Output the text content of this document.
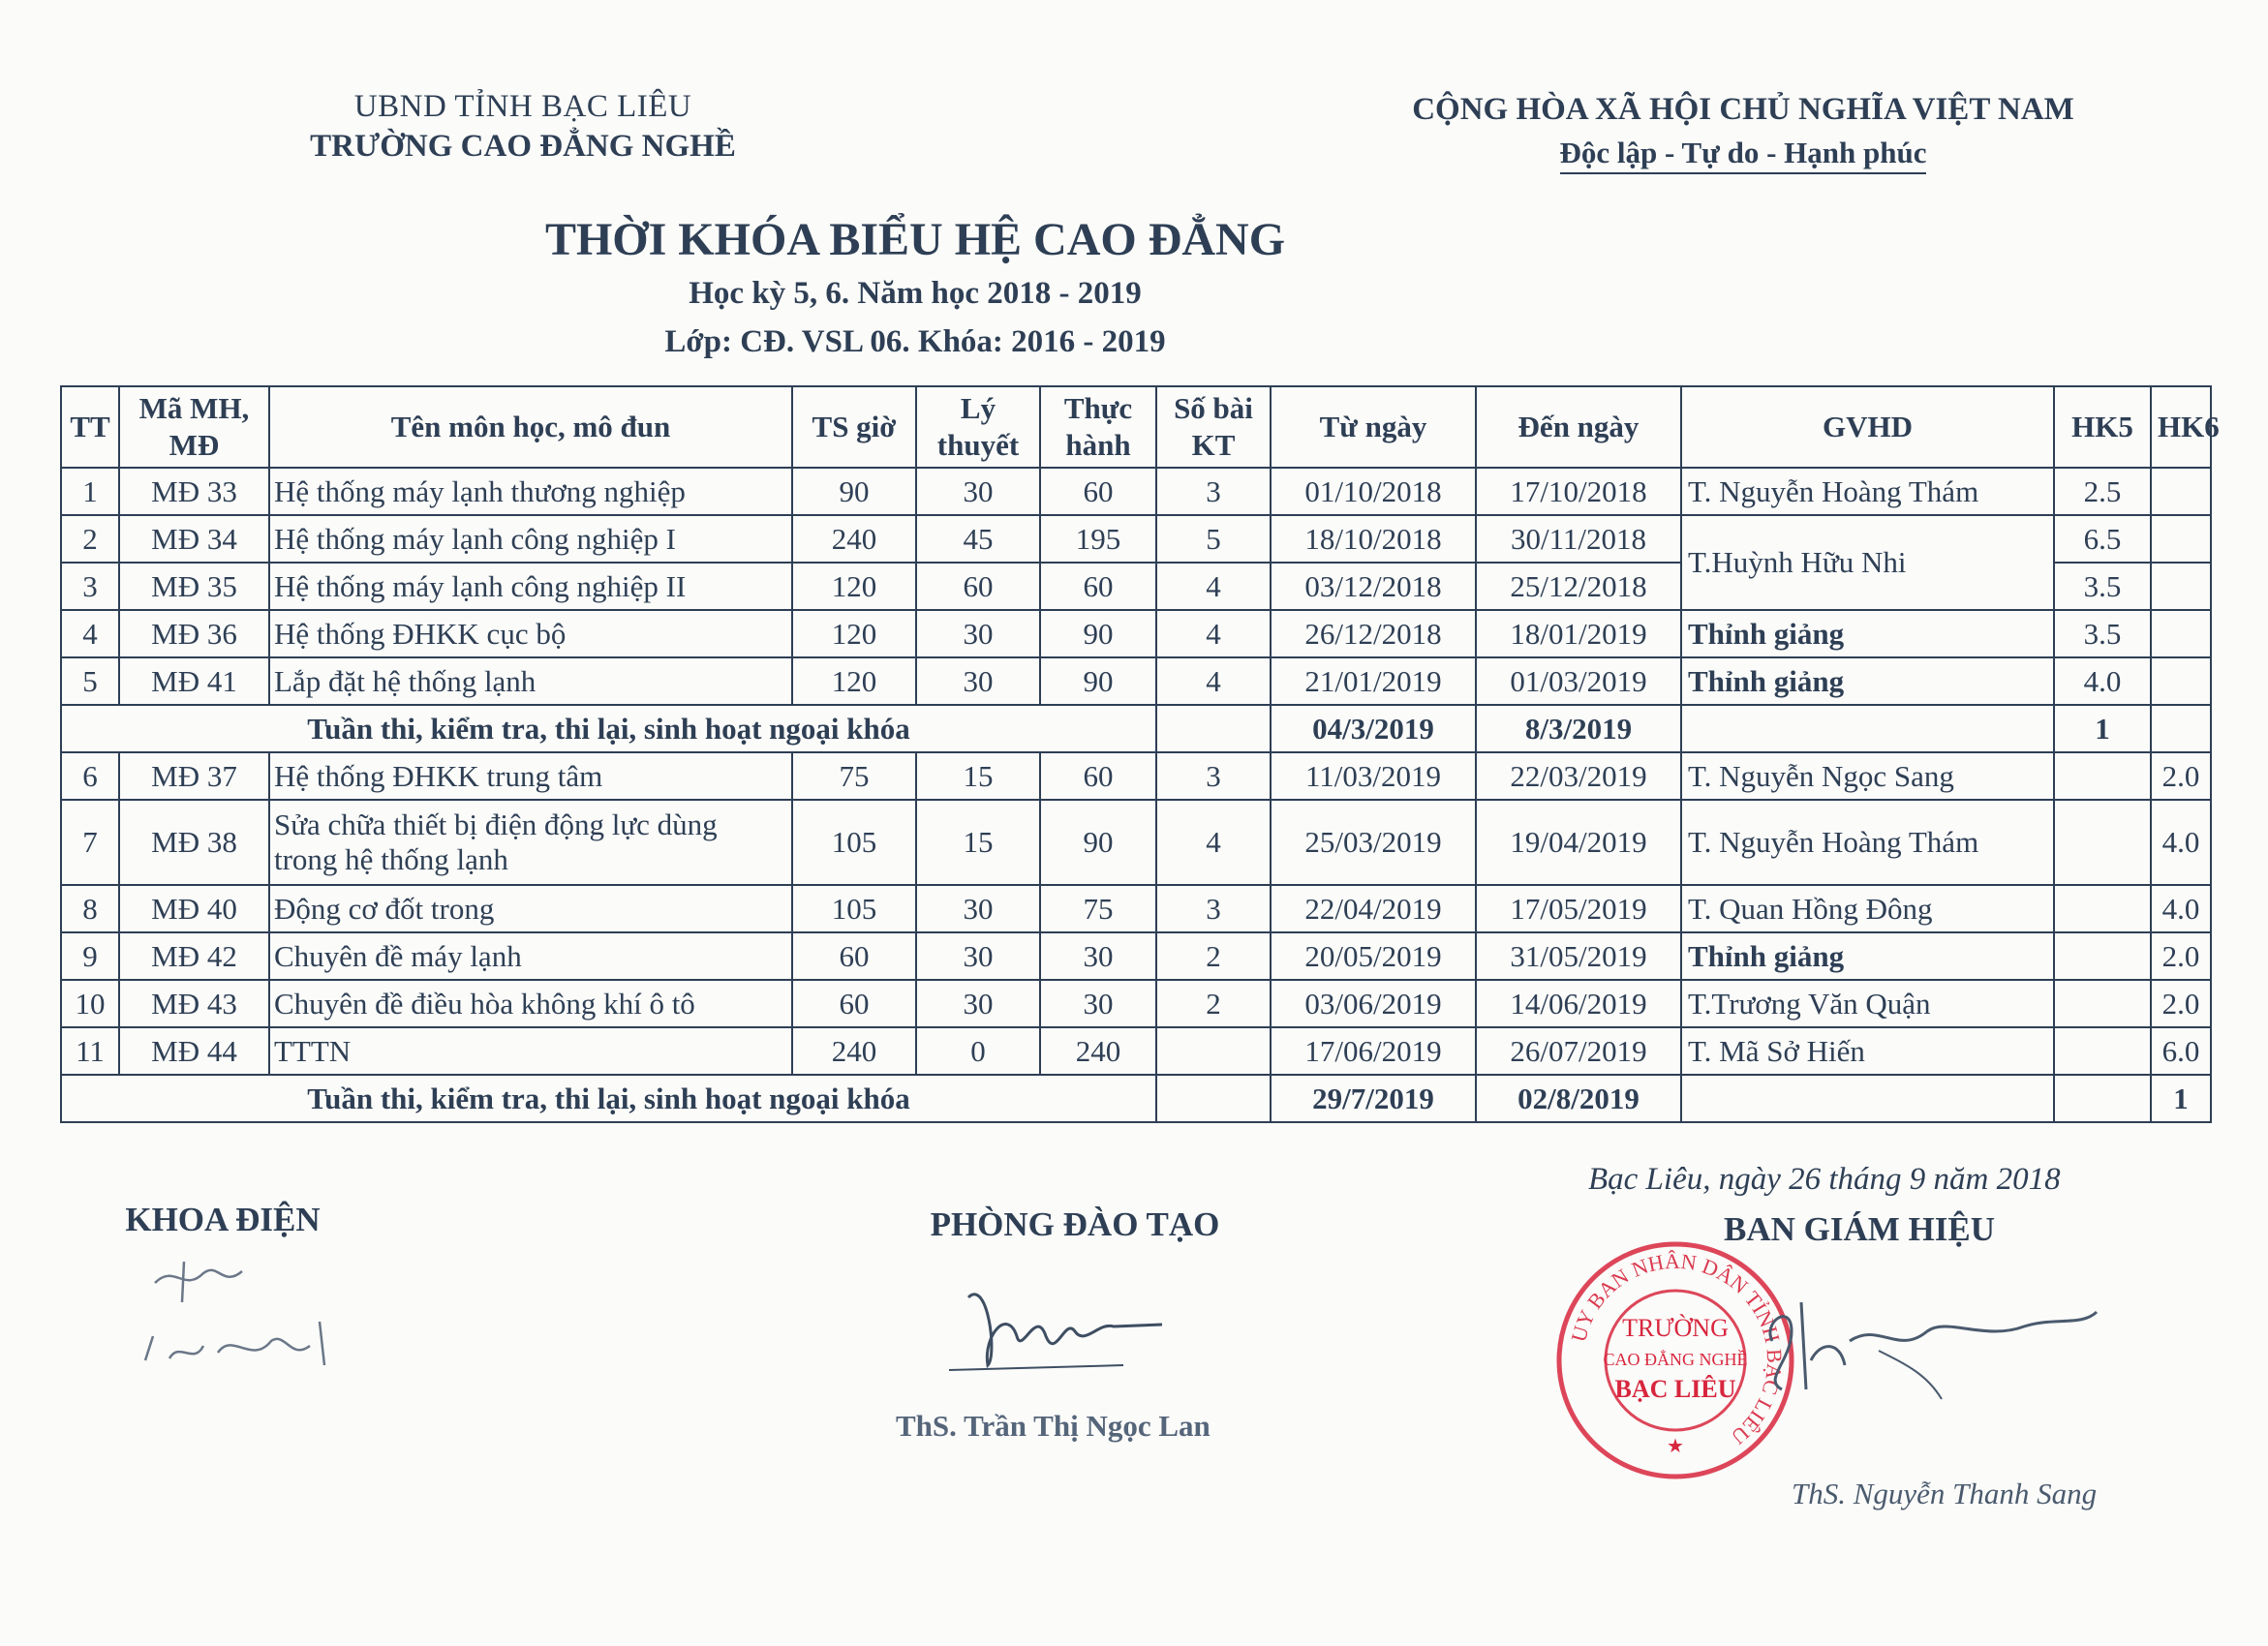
UBND TỈNH BẠC LIÊU
TRƯỜNG CAO ĐẲNG NGHỀ
CỘNG HÒA XÃ HỘI CHỦ NGHĨA VIỆT NAM
Độc lập - Tự do - Hạnh phúc
THỜI KHÓA BIỂU HỆ CAO ĐẲNG
Học kỳ 5, 6. Năm học 2018 - 2019
Lớp: CĐ. VSL 06. Khóa: 2016 - 2019
TT	Mã MH, MĐ	Tên môn học, mô đun	TS giờ	Lý thuyết	Thực hành	Số bài KT	Từ ngày	Đến ngày	GVHD	HK5	HK6
1	MĐ 33	Hệ thống máy lạnh thương nghiệp	90	30	60	3	01/10/2018	17/10/2018	T. Nguyễn Hoàng Thám	2.5	
2	MĐ 34	Hệ thống máy lạnh công nghiệp I	240	45	195	5	18/10/2018	30/11/2018	T.Huỳnh Hữu Nhi	6.5	
3	MĐ 35	Hệ thống máy lạnh công nghiệp II	120	60	60	4	03/12/2018	25/12/2018		3.5	
4	MĐ 36	Hệ thống ĐHKK cục bộ	120	30	90	4	26/12/2018	18/01/2019	Thỉnh giảng	3.5	
5	MĐ 41	Lắp đặt hệ thống lạnh	120	30	90	4	21/01/2019	01/03/2019	Thỉnh giảng	4.0	
Tuần thi, kiểm tra, thi lại, sinh hoạt ngoại khóa							04/3/2019	8/3/2019		1	
6	MĐ 37	Hệ thống ĐHKK trung tâm	75	15	60	3	11/03/2019	22/03/2019	T. Nguyễn Ngọc Sang		2.0
7	MĐ 38	Sửa chữa thiết bị điện động lực dùng trong hệ thống lạnh	105	15	90	4	25/03/2019	19/04/2019	T. Nguyễn Hoàng Thám		4.0
8	MĐ 40	Động cơ đốt trong	105	30	75	3	22/04/2019	17/05/2019	T. Quan Hồng Đông		4.0
9	MĐ 42	Chuyên đề máy lạnh	60	30	30	2	20/05/2019	31/05/2019	Thỉnh giảng		2.0
10	MĐ 43	Chuyên đề điều hòa không khí ô tô	60	30	30	2	03/06/2019	14/06/2019	T.Trương Văn Quận		2.0
11	MĐ 44	TTTN	240	0	240		17/06/2019	26/07/2019	T. Mã Sở Hiến		6.0
Tuần thi, kiểm tra, thi lại, sinh hoạt ngoại khóa							29/7/2019	02/8/2019			1
KHOA ĐIỆN	PHÒNG ĐÀO TẠO
ThS. Trần Thị Ngọc Lan
Bạc Liêu, ngày 26 tháng 9 năm 2018
BAN GIÁM HIỆU
UY BAN NHÂN DÂN TỈNH BẠC LIÊU
TRƯỜNG
CAO ĐẲNG NGHỀ
BẠC LIÊU
★
ThS. Nguyễn Thanh Sang
